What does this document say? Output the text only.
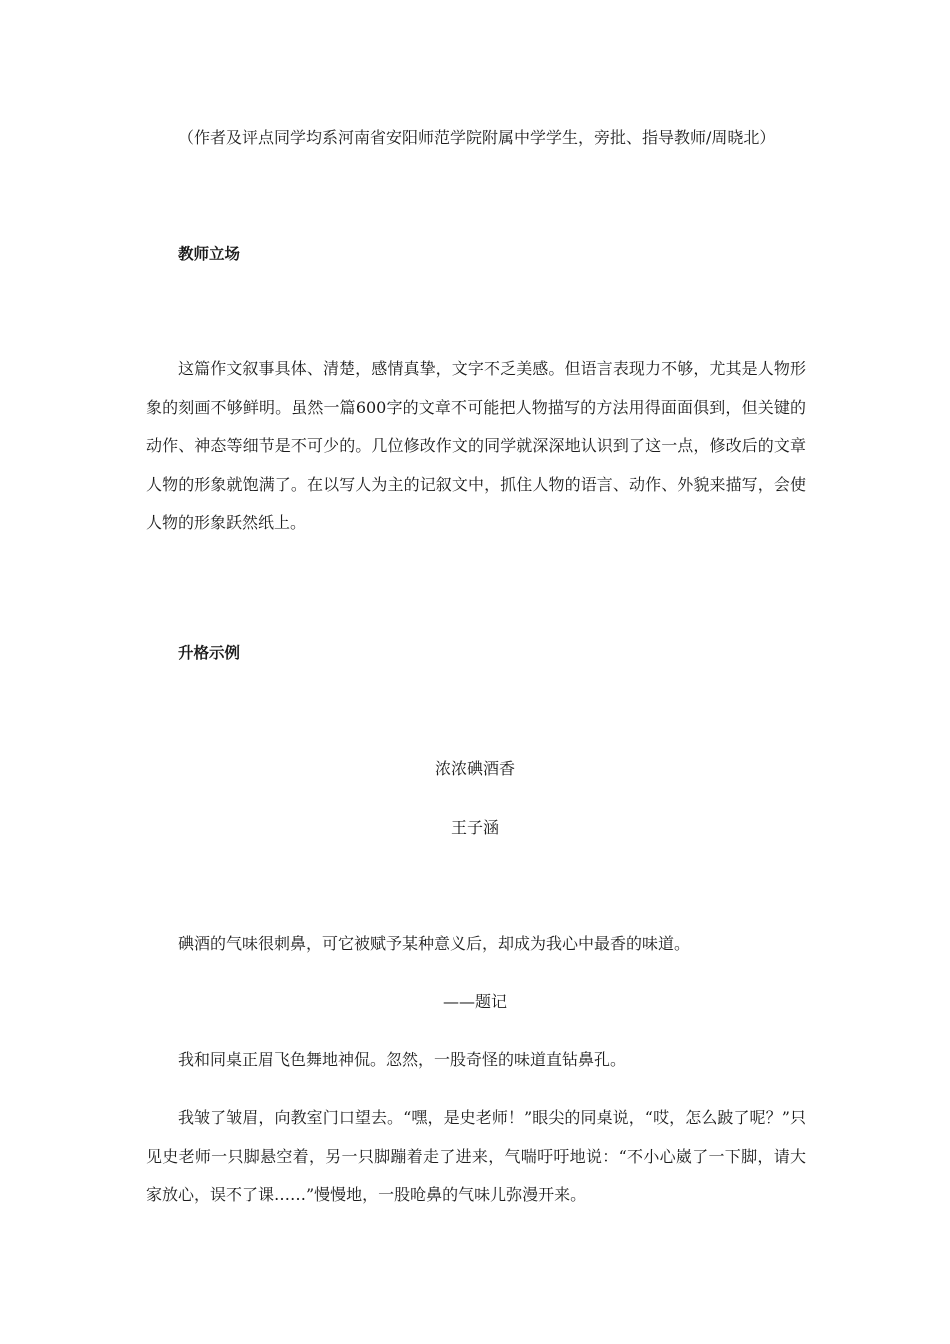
（作者及评点同学均系河南省安阳师范学院附属中学学生，旁批、指导教师/周晓北）
教师立场
这篇作文叙事具体、清楚，感情真挚，文字不乏美感。但语言表现力不够，尤其是人物形象的刻画不够鲜明。虽然一篇600字的文章不可能把人物描写的方法用得面面俱到，但关键的动作、神态等细节是不可少的。几位修改作文的同学就深深地认识到了这一点，修改后的文章人物的形象就饱满了。在以写人为主的记叙文中，抓住人物的语言、动作、外貌来描写，会使人物的形象跃然纸上。
升格示例
浓浓碘酒香
王子涵
碘酒的气味很刺鼻，可它被赋予某种意义后，却成为我心中最香的味道。
——题记
我和同桌正眉飞色舞地神侃。忽然，一股奇怪的味道直钻鼻孔。
我皱了皱眉，向教室门口望去。“嘿，是史老师！”眼尖的同桌说，“哎，怎么跛了呢？”只见史老师一只脚悬空着，另一只脚蹦着走了进来，气喘吁吁地说：“不小心崴了一下脚，请大家放心，误不了课……”慢慢地，一股呛鼻的气味儿弥漫开来。
